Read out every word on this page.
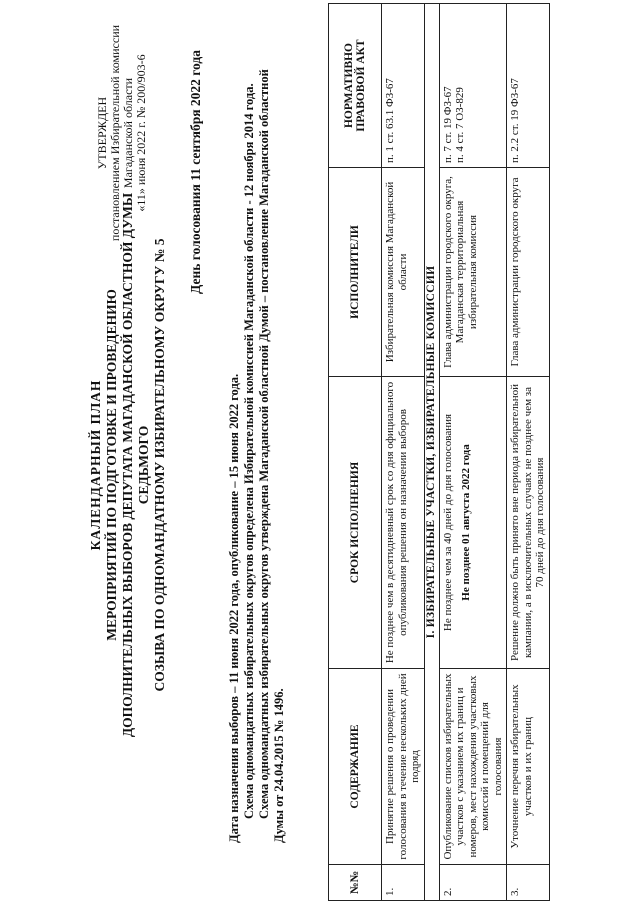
УТВЕРЖДЕН постановлением Избирательной комиссии Магаданской области «11» июня 2022 г. № 200/903-6
КАЛЕНДАРНЫЙ ПЛАН МЕРОПРИЯТИЙ ПО ПОДГОТОВКЕ И ПРОВЕДЕНИЮ ДОПОЛНИТЕЛЬНЫХ ВЫБОРОВ ДЕПУТАТА МАГАДАНСКОЙ ОБЛАСТНОЙ ДУМЫ СЕДЬМОГО СОЗЫВА ПО ОДНОМАНДАТНОМУ ИЗБИРАТЕЛЬНОМУ ОКРУГУ № 5
День голосования 11 сентября 2022 года

Дата назначения выборов – 11 июня 2022 года, опубликование – 15 июня 2022 года. Схема одномандатных избирательных округов определена Избирательной комиссией Магаданской области - 12 ноября 2014 года. Схема одномандатных избирательных округов утверждена Магаданской областной Думой – постановление Магаданской областной Думы от 24.04.2015 № 1496.

№№	СОДЕРЖАНИЕ	СРОК ИСПОЛНЕНИЯ	ИСПОЛНИТЕЛИ	НОРМАТИВНО ПРАВОВОЙ АКТ

1.	Принятие решения о проведении голосования в течение нескольких дней подряд	Не позднее чем в десятидневный срок со дня официального опубликования решения он назначении выборов	Избирательная комиссия Магаданской области	п. 1 ст. 63.1 ФЗ-67
I. ИЗБИРАТЕЛЬНЫЕ УЧАСТКИ, ИЗБИРАТЕЛЬНЫЕ КОМИССИИ				
2.	Опубликование списков избирательных участков с указанием их границ и номеров, мест нахождения участковых комиссий и помещений для голосования	Не позднее чем за 40 дней до дня голосования Не позднее 01 августа 2022 года	Глава администрации городского округа, Магаданская территориальная избирательная комиссия	п. 7 ст. 19 ФЗ-67 п. 4 ст. 7 ОЗ-829

3.	Уточнение перечня избирательных участков и их границ	Решение должно быть принято вне периода избирательной кампании, а в исключительных случаях не позднее чем за 70 дней до дня голосования	Глава администрации городского округа	п. 2.2 ст. 19 ФЗ-67
